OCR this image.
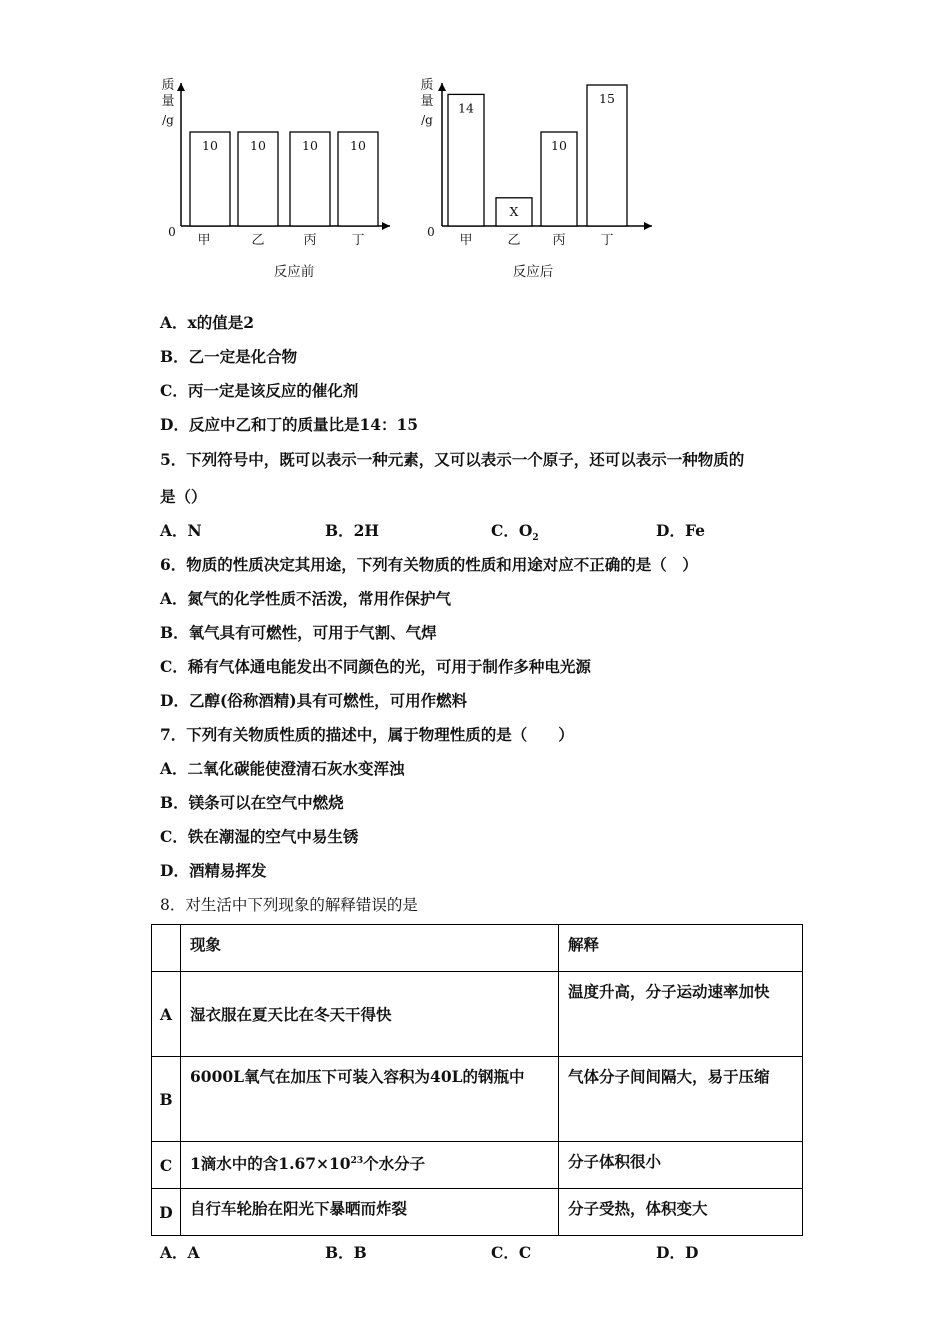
质
量
/g
0
10
甲
10
乙
10
丙
10
丁
反应前
质
量
/g
0
14
甲
X
乙
10
丙
15
丁
反应后
A．x的值是2
B．乙一定是化合物
C．丙一定是该反应的催化剂
D．反应中乙和丁的质量比是14：15
5．下列符号中，既可以表示一种元素，又可以表示一个原子，还可以表示一种物质的
是（）
A．N	B．2H	C．$O_2$	D．Fe
6．物质的性质决定其用途，下列有关物质的性质和用途对应不正确的是（　）
A．氮气的化学性质不活泼，常用作保护气
B．氧气具有可燃性，可用于气割、气焊
C．稀有气体通电能发出不同颜色的光，可用于制作多种电光源
D．乙醇(俗称酒精)具有可燃性，可用作燃料
7．下列有关物质性质的描述中，属于物理性质的是（　　）
A．二氧化碳能使澄清石灰水变浑浊
B．镁条可以在空气中燃烧
C．铁在潮湿的空气中易生锈
D．酒精易挥发
8．对生活中下列现象的解释错误的是

	现象	解释

A	湿衣服在夏天比在冬天干得快	温度升高，分子运动速率加快

B	6000L氧气在加压下可装入容积为40L的钢瓶中	气体分子间间隔大，易于压缩

C	1滴水中的含$1.67\times 10^{23}$个水分子	分子体积很小

D	自行车轮胎在阳光下暴晒而炸裂	分子受热，体积变大
A．A	B．B	C．C	D．D
